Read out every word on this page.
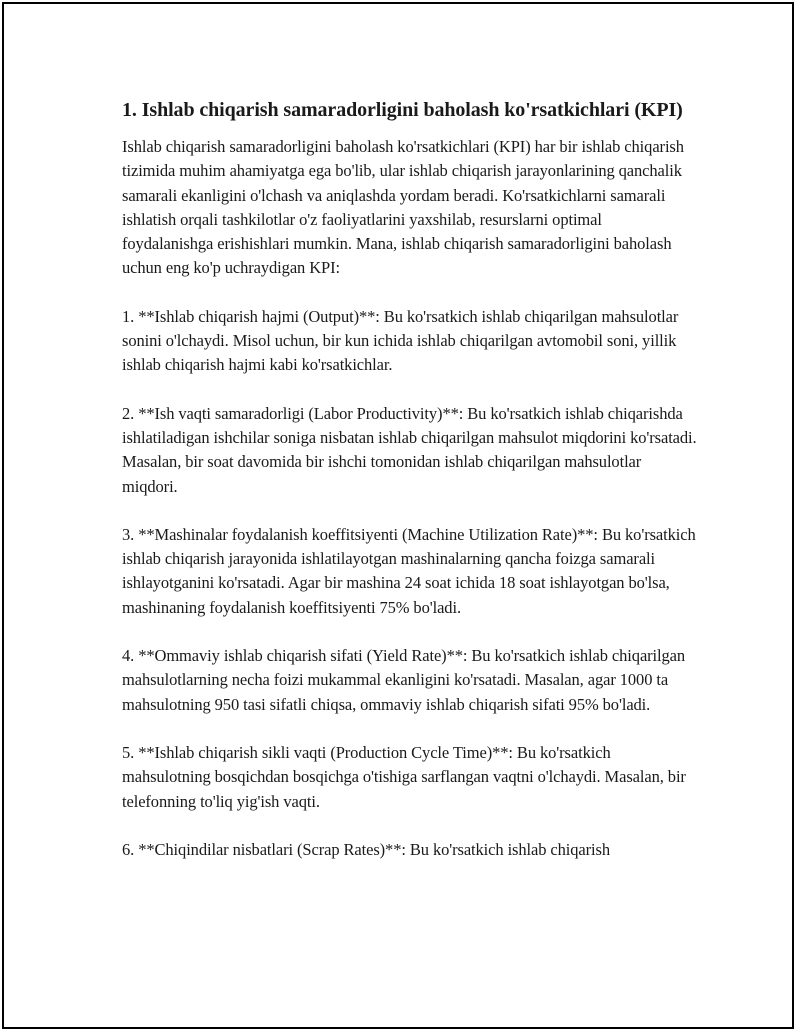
1. Ishlab chiqarish samaradorligini baholash ko'rsatkichlari (KPI)

Ishlab chiqarish samaradorligini baholash ko'rsatkichlari (KPI) har bir ishlab chiqarish tizimida muhim ahamiyatga ega bo'lib, ular ishlab chiqarish jarayonlarining qanchalik samarali ekanligini o'lchash va aniqlashda yordam beradi. Ko'rsatkichlarni samarali ishlatish orqali tashkilotlar o'z faoliyatlarini yaxshilab, resurslarni optimal foydalanishga erishishlari mumkin. Mana, ishlab chiqarish samaradorligini baholash uchun eng ko'p uchraydigan KPI:

1. **Ishlab chiqarish hajmi (Output)**: Bu ko'rsatkich ishlab chiqarilgan mahsulotlar sonini o'lchaydi. Misol uchun, bir kun ichida ishlab chiqarilgan avtomobil soni, yillik ishlab chiqarish hajmi kabi ko'rsatkichlar.

2. **Ish vaqti samaradorligi (Labor Productivity)**: Bu ko'rsatkich ishlab chiqarishda ishlatiladigan ishchilar soniga nisbatan ishlab chiqarilgan mahsulot miqdorini ko'rsatadi. Masalan, bir soat davomida bir ishchi tomonidan ishlab chiqarilgan mahsulotlar miqdori.

3. **Mashinalar foydalanish koeffitsiyenti (Machine Utilization Rate)**: Bu ko'rsatkich ishlab chiqarish jarayonida ishlatilayotgan mashinalarning qancha foizga samarali ishlayotganini ko'rsatadi. Agar bir mashina 24 soat ichida 18 soat ishlayotgan bo'lsa, mashinaning foydalanish koeffitsiyenti 75% bo'ladi.

4. **Ommaviy ishlab chiqarish sifati (Yield Rate)**: Bu ko'rsatkich ishlab chiqarilgan mahsulotlarning necha foizi mukammal ekanligini ko'rsatadi. Masalan, agar 1000 ta mahsulotning 950 tasi sifatli chiqsa, ommaviy ishlab chiqarish sifati 95% bo'ladi.

5. **Ishlab chiqarish sikli vaqti (Production Cycle Time)**: Bu ko'rsatkich mahsulotning bosqichdan bosqichga o'tishiga sarflangan vaqtni o'lchaydi. Masalan, bir telefonning to'liq yig'ish vaqti.

6. **Chiqindilar nisbatlari (Scrap Rates)**: Bu ko'rsatkich ishlab chiqarish
